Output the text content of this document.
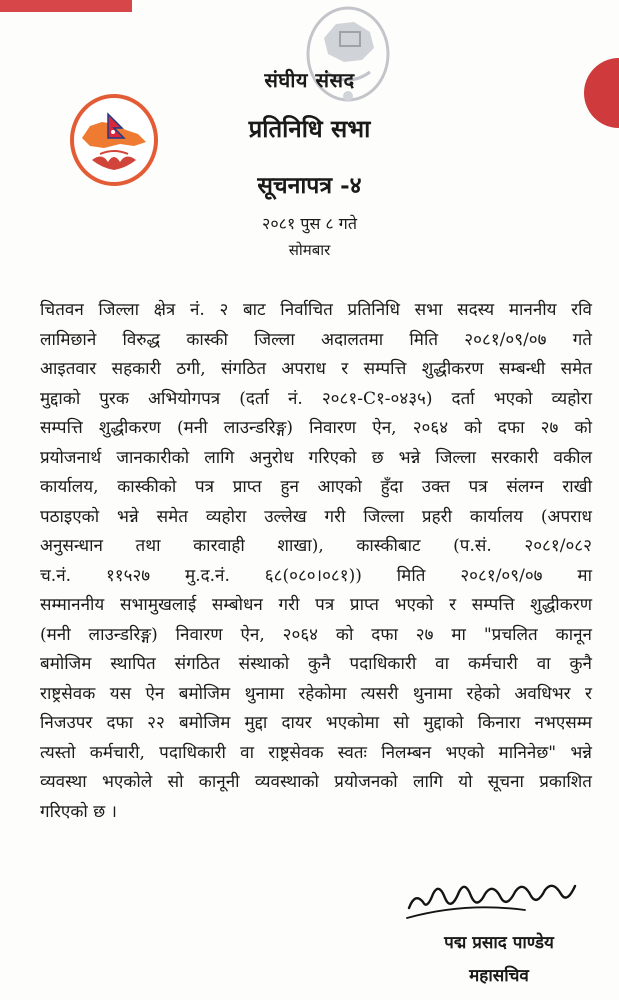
संघीय संसद
प्रतिनिधि सभा
सूचनापत्र -४
२०८१ पुस ८ गते
सोमबार
चितवन जिल्ला क्षेत्र नं. २ बाट निर्वाचित प्रतिनिधि सभा सदस्य माननीय रवि
लामिछाने विरुद्ध कास्की जिल्ला अदालतमा मिति २०८१/०९/०७ गते
आइतवार सहकारी ठगी, संगठित अपराध र सम्पत्ति शुद्धीकरण सम्बन्धी समेत
मुद्दाको पुरक अभियोगपत्र (दर्ता नं. २०८१-C१-०४३५) दर्ता भएको व्यहोरा
सम्पत्ति शुद्धीकरण (मनी लाउन्डरिङ्ग) निवारण ऐन, २०६४ को दफा २७ को
प्रयोजनार्थ जानकारीको लागि अनुरोध गरिएको छ भन्ने जिल्ला सरकारी वकील
कार्यालय, कास्कीको पत्र प्राप्त हुन आएको हुँदा उक्त पत्र संलग्न राखी
पठाइएको भन्ने समेत व्यहोरा उल्लेख गरी जिल्ला प्रहरी कार्यालय (अपराध
अनुसन्धान तथा कारवाही शाखा), कास्कीबाट (प.सं. २०८१/०८२
च.नं. ११५२७ मु.द.नं. ६८(०८०।०८१)) मिति २०८१/०९/०७ मा
सम्माननीय सभामुखलाई सम्बोधन गरी पत्र प्राप्त भएको र सम्पत्ति शुद्धीकरण
(मनी लाउन्डरिङ्ग) निवारण ऐन, २०६४ को दफा २७ मा "प्रचलित कानून
बमोजिम स्थापित संगठित संस्थाको कुनै पदाधिकारी वा कर्मचारी वा कुनै
राष्ट्रसेवक यस ऐन बमोजिम थुनामा रहेकोमा त्यसरी थुनामा रहेको अवधिभर र
निजउपर दफा २२ बमोजिम मुद्दा दायर भएकोमा सो मुद्दाको किनारा नभएसम्म
त्यस्तो कर्मचारी, पदाधिकारी वा राष्ट्रसेवक स्वतः निलम्बन भएको मानिनेछ" भन्ने
व्यवस्था भएकोले सो कानूनी व्यवस्थाको प्रयोजनको लागि यो सूचना प्रकाशित
गरिएको छ ।
पद्म प्रसाद पाण्डेय
महासचिव
